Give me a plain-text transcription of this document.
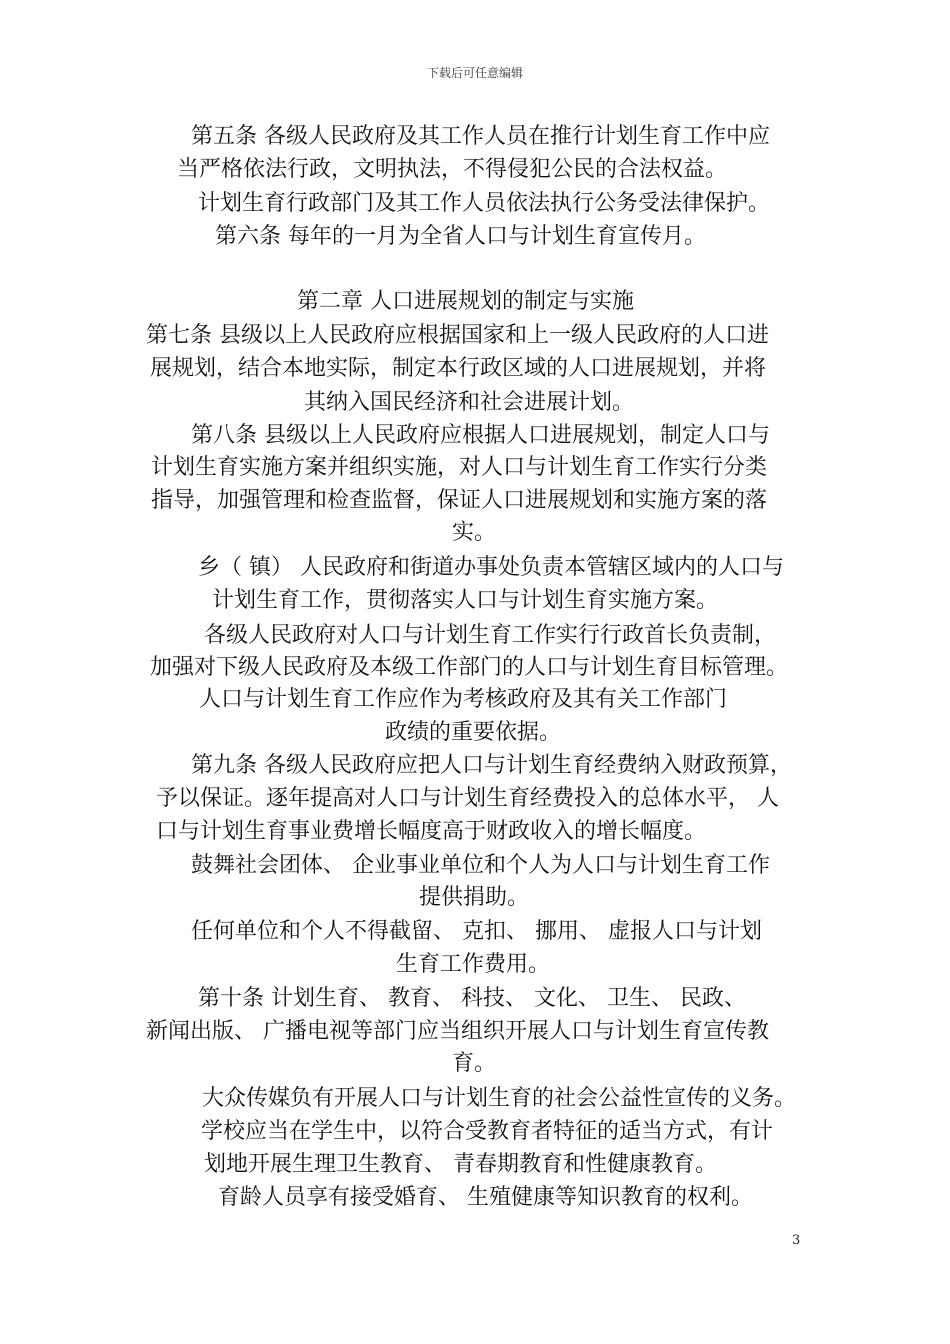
下载后可任意编辑
第五条 各级人民政府及其工作人员在推行计划生育工作中应
当严格依法行政，文明执法，不得侵犯公民的合法权益。
计划生育行政部门及其工作人员依法执行公务受法律保护。
第六条 每年的一月为全省人口与计划生育宣传月。
第二章 人口进展规划的制定与实施
第七条 县级以上人民政府应根据国家和上一级人民政府的人口进
展规划，结合本地实际，制定本行政区域的人口进展规划，并将
其纳入国民经济和社会进展计划。
第八条 县级以上人民政府应根据人口进展规划，制定人口与
计划生育实施方案并组织实施，对人口与计划生育工作实行分类
指导，加强管理和检查监督，保证人口进展规划和实施方案的落
实。
乡（ 镇） 人民政府和街道办事处负责本管辖区域内的人口与
计划生育工作，贯彻落实人口与计划生育实施方案。
各级人民政府对人口与计划生育工作实行行政首长负责制，
加强对下级人民政府及本级工作部门的人口与计划生育目标管理。
人口与计划生育工作应作为考核政府及其有关工作部门
政绩的重要依据。
第九条 各级人民政府应把人口与计划生育经费纳入财政预算，
予以保证。逐年提高对人口与计划生育经费投入的总体水平， 人
口与计划生育事业费增长幅度高于财政收入的增长幅度。
鼓舞社会团体、 企业事业单位和个人为人口与计划生育工作
提供捐助。
任何单位和个人不得截留、 克扣、 挪用、 虚报人口与计划
生育工作费用。
第十条 计划生育、 教育、 科技、 文化、 卫生、 民政、
新闻出版、 广播电视等部门应当组织开展人口与计划生育宣传教
育。
大众传媒负有开展人口与计划生育的社会公益性宣传的义务。
学校应当在学生中，以符合受教育者特征的适当方式，有计
划地开展生理卫生教育、 青春期教育和性健康教育。
育龄人员享有接受婚育、 生殖健康等知识教育的权利。
3
